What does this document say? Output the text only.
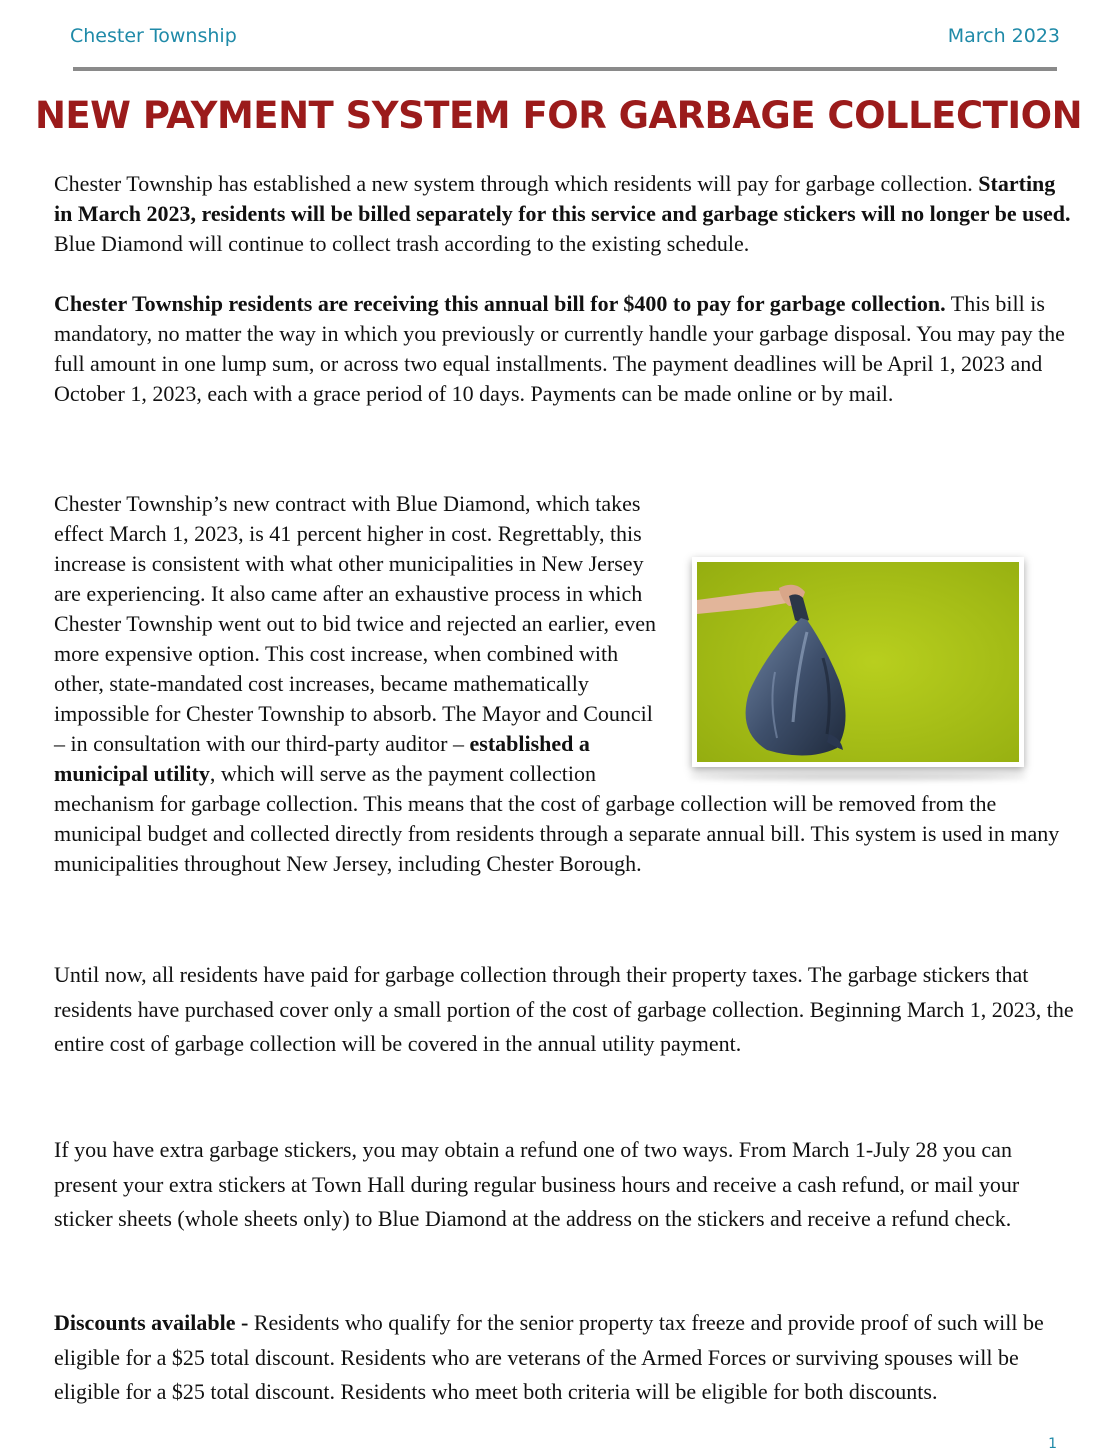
Chester Township	March 2023
NEW PAYMENT SYSTEM FOR GARBAGE COLLECTION

Chester Township has established a new system through which residents will pay for garbage collection. Starting in March 2023, residents will be billed separately for this service and garbage stickers will no longer be used. Blue Diamond will continue to collect trash according to the existing schedule.

Chester Township residents are receiving this annual bill for $400 to pay for garbage collection. This bill is mandatory, no matter the way in which you previously or currently handle your garbage disposal. You may pay the full amount in one lump sum, or across two equal installments. The payment deadlines will be April 1, 2023 and October 1, 2023, each with a grace period of 10 days. Payments can be made online or by mail.

Chester Township’s new contract with Blue Diamond, which takes effect March 1, 2023, is 41 percent higher in cost. Regrettably, this increase is consistent with what other municipalities in New Jersey are experiencing. It also came after an exhaustive process in which Chester Township went out to bid twice and rejected an earlier, even more expensive option. This cost increase, when combined with other, state-mandated cost increases, became mathematically impossible for Chester Township to absorb. The Mayor and Council – in consultation with our third-party auditor – established a municipal utility, which will serve as the payment collection mechanism for garbage collection. This means that the cost of garbage collection will be removed from the municipal budget and collected directly from residents through a separate annual bill. This system is used in many municipalities throughout New Jersey, including Chester Borough.

Until now, all residents have paid for garbage collection through their property taxes. The garbage stickers that residents have purchased cover only a small portion of the cost of garbage collection. Beginning March 1, 2023, the entire cost of garbage collection will be covered in the annual utility payment.

If you have extra garbage stickers, you may obtain a refund one of two ways. From March 1-July 28 you can present your extra stickers at Town Hall during regular business hours and receive a cash refund, or mail your sticker sheets (whole sheets only) to Blue Diamond at the address on the stickers and receive a refund check.

Discounts available - Residents who qualify for the senior property tax freeze and provide proof of such will be eligible for a $25 total discount. Residents who are veterans of the Armed Forces or surviving spouses will be eligible for a $25 total discount. Residents who meet both criteria will be eligible for both discounts.

1
